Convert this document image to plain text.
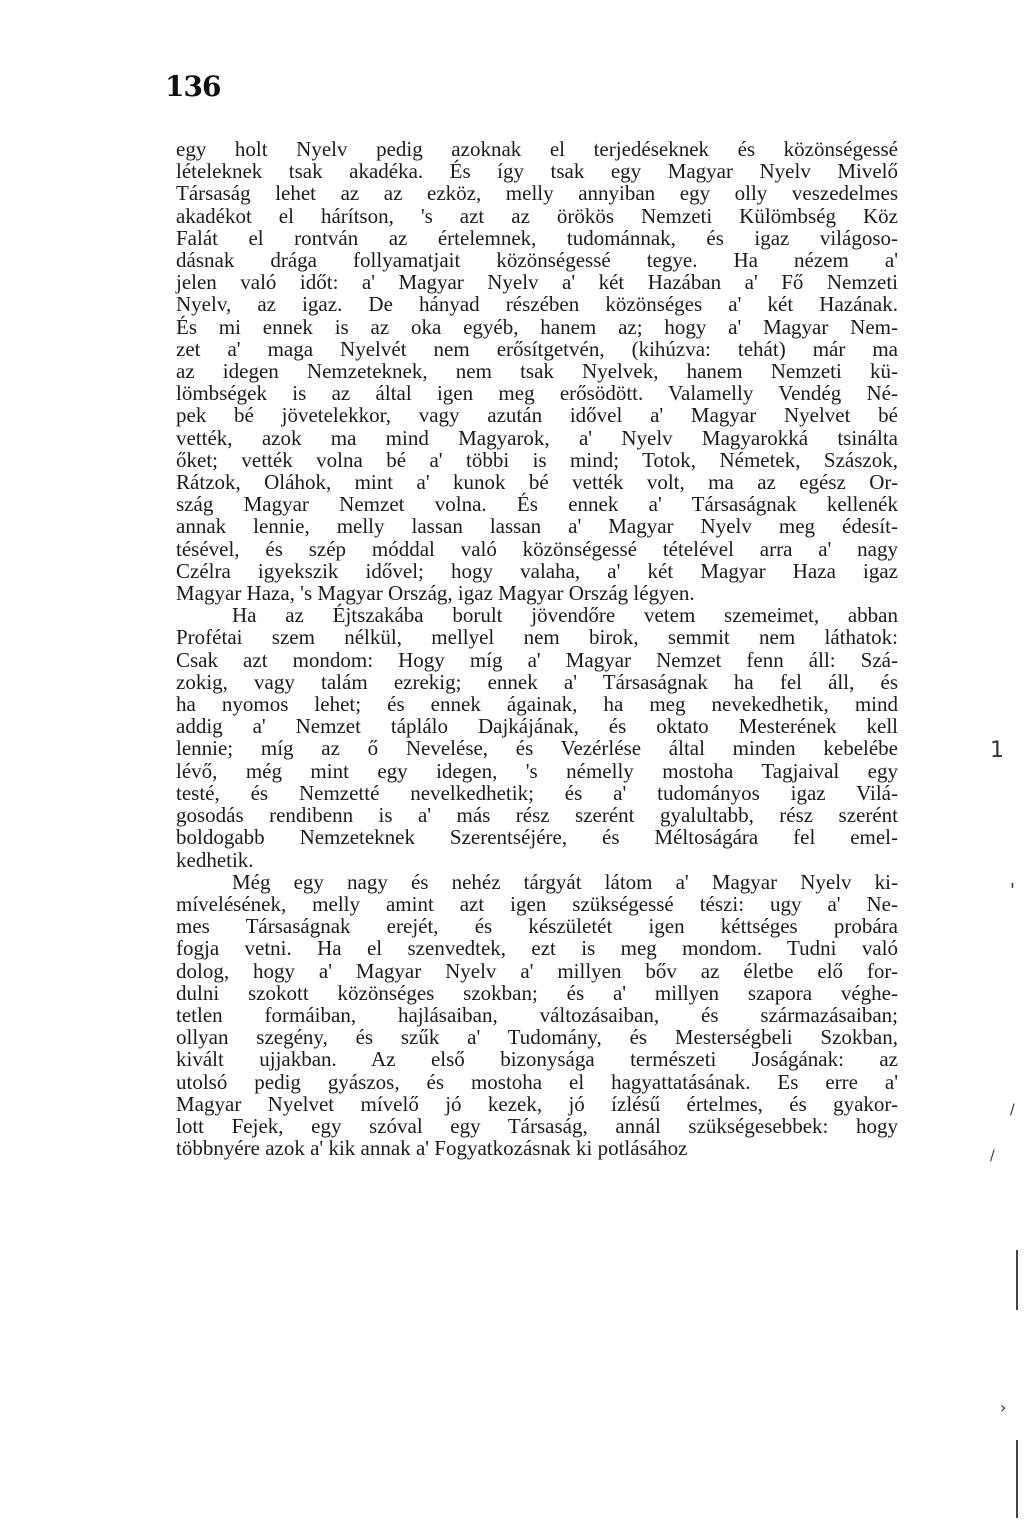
136
egy holt Nyelv pedig azoknak el terjedéseknek és közönségessé
lételeknek tsak akadéka. És így tsak egy Magyar Nyelv Mivelő
Társaság lehet az az ezköz, melly annyiban egy olly veszedelmes
akadékot el hárítson, 's azt az örökös Nemzeti Külömbség Köz
Falát el rontván az értelemnek, tudománnak, és igaz világoso-
dásnak drága follyamatjait közönségessé tegye. Ha nézem a'
jelen való időt: a' Magyar Nyelv a' két Hazában a' Fő Nemzeti
Nyelv, az igaz. De hányad részében közönséges a' két Hazának.
És mi ennek is az oka egyéb, hanem az; hogy a' Magyar Nem-
zet a' maga Nyelvét nem erősítgetvén, (kihúzva: tehát) már ma
az idegen Nemzeteknek, nem tsak Nyelvek, hanem Nemzeti kü-
lömbségek is az által igen meg erősödött. Valamelly Vendég Né-
pek bé jövetelekkor, vagy azután idővel a' Magyar Nyelvet bé
vették, azok ma mind Magyarok, a' Nyelv Magyarokká tsinálta
őket; vették volna bé a' többi is mind; Totok, Németek, Szászok,
Rátzok, Oláhok, mint a' kunok bé vették volt, ma az egész Or-
szág Magyar Nemzet volna. És ennek a' Társaságnak kellenék
annak lennie, melly lassan lassan a' Magyar Nyelv meg édesít-
tésével, és szép móddal való közönségessé tételével arra a' nagy
Czélra igyekszik idővel; hogy valaha, a' két Magyar Haza igaz
Magyar Haza, 's Magyar Ország, igaz Magyar Ország légyen.
Ha az Éjtszakába borult jövendőre vetem szemeimet, abban
Profétai szem nélkül, mellyel nem birok, semmit nem láthatok:
Csak azt mondom: Hogy míg a' Magyar Nemzet fenn áll: Szá-
zokig, vagy talám ezrekig; ennek a' Társaságnak ha fel áll, és
ha nyomos lehet; és ennek ágainak, ha meg nevekedhetik, mind
addig a' Nemzet táplálo Dajkájának, és oktato Mesterének kell
lennie; míg az ő Nevelése, és Vezérlése által minden kebelébe
lévő, még mint egy idegen, 's némelly mostoha Tagjaival egy
testé, és Nemzetté nevelkedhetik; és a' tudományos igaz Vilá-
gosodás rendibenn is a' más rész szerént gyalultabb, rész szerént
boldogabb Nemzeteknek Szerentséjére, és Méltoságára fel emel-
kedhetik.
Még egy nagy és nehéz tárgyát látom a' Magyar Nyelv ki-
mívelésének, melly amint azt igen szükségessé tészi: ugy a' Ne-
mes Társaságnak erejét, és készületét igen kéttséges probára
fogja vetni. Ha el szenvedtek, ezt is meg mondom. Tudni való
dolog, hogy a' Magyar Nyelv a' millyen bőv az életbe elő for-
dulni szokott közönséges szokban; és a' millyen szapora véghe-
tetlen formáiban, hajlásaiban, változásaiban, és származásaiban;
ollyan szegény, és szűk a' Tudomány, és Mesterségbeli Szokban,
kivált ujjakban. Az első bizonysága természeti Joságának: az
utolsó pedig gyászos, és mostoha el hagyattatásának. Es erre a'
Magyar Nyelvet mívelő jó kezek, jó ízlésű értelmes, és gyakor-
lott Fejek, egy szóval egy Társaság, annál szükségesebbek: hogy
többnyére azok a' kik annak a' Fogyatkozásnak ki potlásához
1
'
/
/
›
